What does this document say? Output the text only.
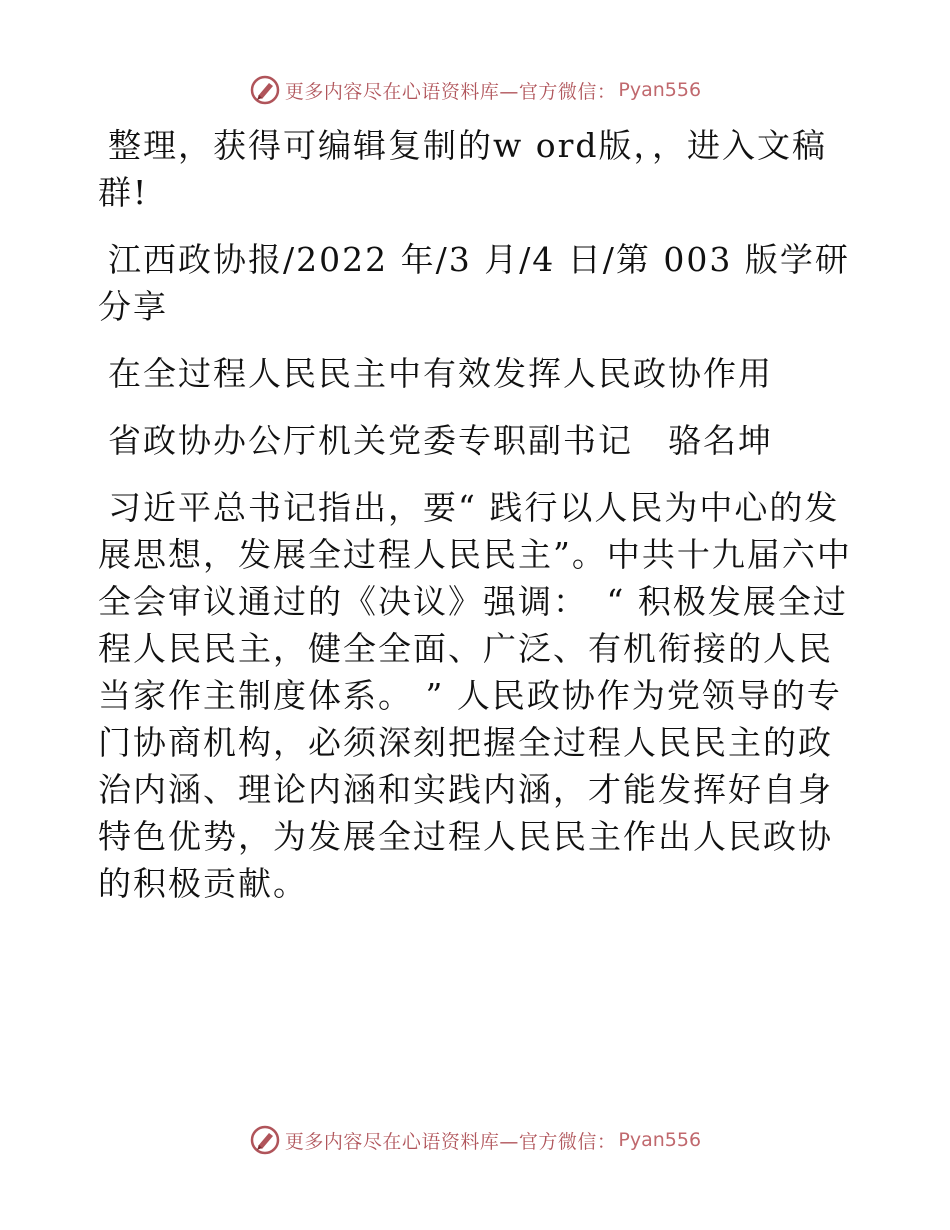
更多内容尽在心语资料库—官方微信： Pyan556

整理，获得可编辑复制的w ord版，，进入文稿群!

江西政协报/2022 年/3 月/4 日/第 003 版学研分享

在全过程人民民主中有效发挥人民政协作用

省政协办公厅机关党委专职副书记　骆名坤

习近平总书记指出，要“ 践行以人民为中心的发展思想，发展全过程人民民主”。中共十九届六中全会审议通过的《决议》强调：　“ 积极发展全过程人民民主，健全全面、广泛、有机衔接的人民当家作主制度体系。 ” 人民政协作为党领导的专门协商机构，必须深刻把握全过程人民民主的政治内涵、理论内涵和实践内涵，才能发挥好自身特色优势，为发展全过程人民民主作出人民政协的积极贡献。

更多内容尽在心语资料库—官方微信： Pyan556
